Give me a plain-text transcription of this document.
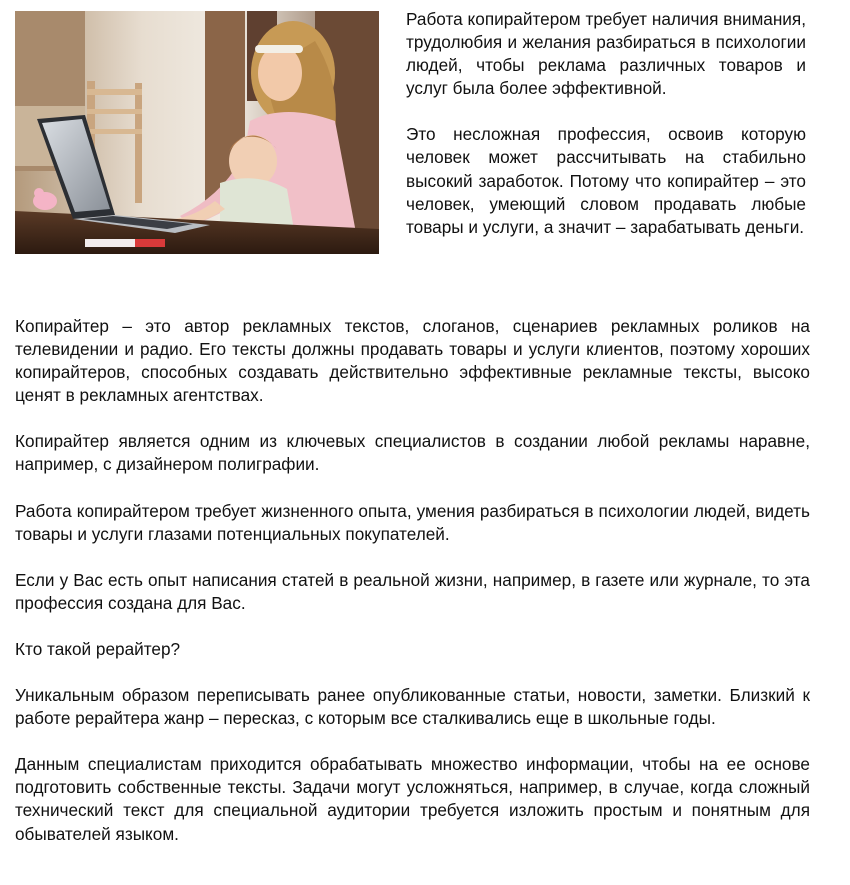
Работа копирайтером требует наличия внимания, трудолюбия и желания разбираться в психологии людей, чтобы реклама различных товаров и услуг была более эффективной.

Это несложная профессия, освоив которую человек может рассчитывать на стабильно высокий заработок. Потому что копирайтер – это человек, умеющий словом продавать любые товары и услуги, а значит – зарабатывать деньги.

Копирайтер – это автор рекламных текстов, слоганов, сценариев рекламных роликов на телевидении и радио. Его тексты должны продавать товары и услуги клиентов, поэтому хороших копирайтеров, способных создавать действительно эффективные рекламные тексты, высоко ценят в рекламных агентствах.

Копирайтер является одним из ключевых специалистов в создании любой рекламы наравне, например, с дизайнером полиграфии.

Работа копирайтером требует жизненного опыта, умения разбираться в психологии людей, видеть товары и услуги глазами потенциальных покупателей.

Если у Вас есть опыт написания статей в реальной жизни, например, в газете или журнале, то эта профессия создана для Вас.

Кто такой рерайтер?

Уникальным образом переписывать ранее опубликованные статьи, новости, заметки. Близкий к работе рерайтера жанр – пересказ, с которым все сталкивались еще в школьные годы.

Данным специалистам приходится обрабатывать множество информации, чтобы на ее основе подготовить собственные тексты. Задачи могут усложняться, например, в случае, когда сложный технический текст для специальной аудитории требуется изложить простым и понятным для обывателей языком.
